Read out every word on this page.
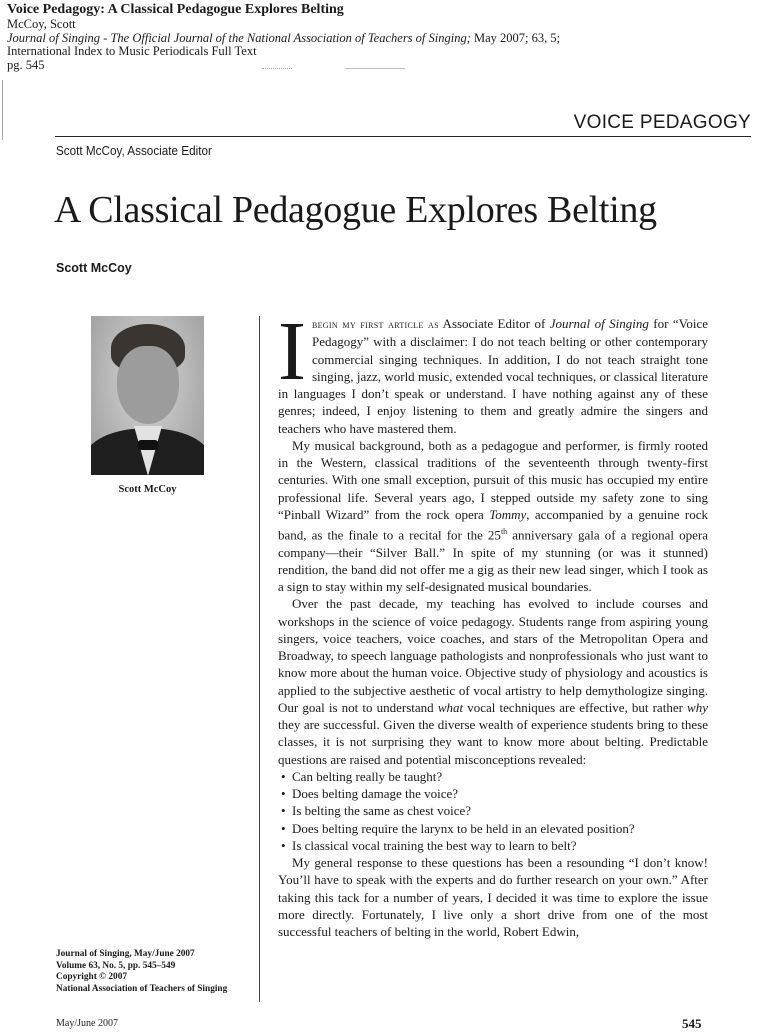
Voice Pedagogy: A Classical Pedagogue Explores Belting
McCoy, Scott
Journal of Singing - The Official Journal of the National Association of Teachers of Singing; May 2007; 63, 5;
International Index to Music Periodicals Full Text
pg. 545
VOICE PEDAGOGY
Scott McCoy, Associate Editor
A Classical Pedagogue Explores Belting
Scott McCoy
Scott McCoy
Journal of Singing, May/June 2007
Volume 63, No. 5, pp. 545–549
Copyright © 2007
National Association of Teachers of Singing

Ibegin my first article as Associate Editor of Journal of Singing for “Voice Pedagogy” with a disclaimer: I do not teach belting or other contemporary commercial singing techniques. In addition, I do not teach straight tone singing, jazz, world music, extended vocal techniques, or classical literature in languages I don’t speak or understand. I have nothing against any of these genres; indeed, I enjoy listening to them and greatly admire the singers and teachers who have mastered them.

My musical background, both as a pedagogue and performer, is firmly rooted in the Western, classical traditions of the seventeenth through twenty-first centuries. With one small exception, pursuit of this music has occupied my entire professional life. Several years ago, I stepped outside my safety zone to sing “Pinball Wizard” from the rock opera Tommy, accompanied by a genuine rock band, as the finale to a recital for the 25th anniversary gala of a regional opera company—their “Silver Ball.” In spite of my stunning (or was it stunned) rendition, the band did not offer me a gig as their new lead singer, which I took as a sign to stay within my self-designated musical boundaries.

Over the past decade, my teaching has evolved to include courses and workshops in the science of voice pedagogy. Students range from aspiring young singers, voice teachers, voice coaches, and stars of the Metropolitan Opera and Broadway, to speech language pathologists and nonprofessionals who just want to know more about the human voice. Objective study of physiology and acoustics is applied to the subjective aesthetic of vocal artistry to help demythologize singing. Our goal is not to understand what vocal techniques are effective, but rather why they are successful. Given the diverse wealth of experience students bring to these classes, it is not surprising they want to know more about belting. Predictable questions are raised and potential misconceptions revealed:

• Can belting really be taught?
• Does belting damage the voice?
• Is belting the same as chest voice?
• Does belting require the larynx to be held in an elevated position?
• Is classical vocal training the best way to learn to belt?

My general response to these questions has been a resounding “I don’t know! You’ll have to speak with the experts and do further research on your own.” After taking this tack for a number of years, I decided it was time to explore the issue more directly. Fortunately, I live only a short drive from one of the most successful teachers of belting in the world, Robert Edwin,

May/June 2007	545
